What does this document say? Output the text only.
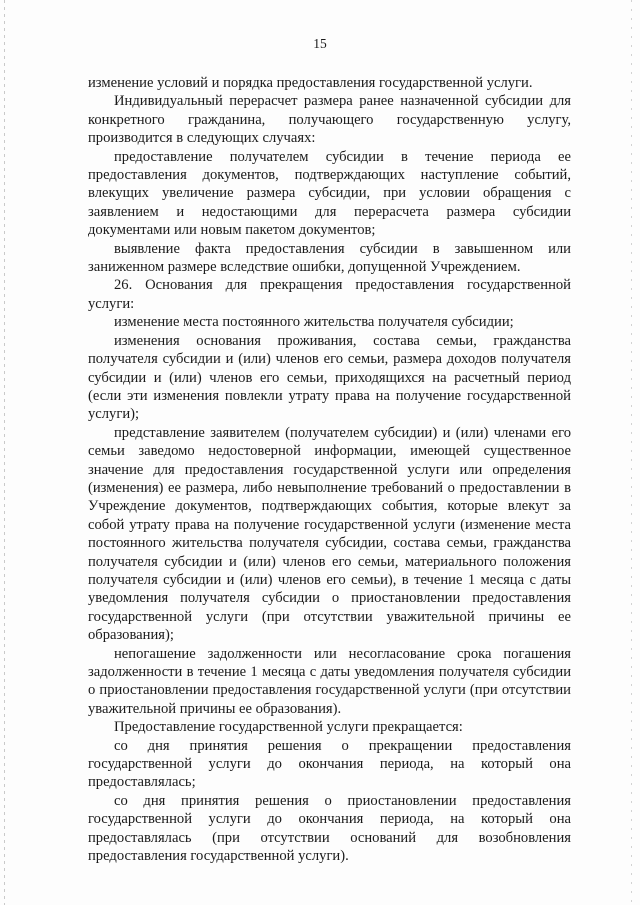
15

изменение условий и порядка предоставления государственной услуги.

Индивидуальный перерасчет размера ранее назначенной субсидии для конкретного гражданина, получающего государственную услугу, производится в следующих случаях:

предоставление получателем субсидии в течение периода ее предоставления документов, подтверждающих наступление событий, влекущих увеличение размера субсидии, при условии обращения с заявлением и недостающими для перерасчета размера субсидии документами или новым пакетом документов;

выявление факта предоставления субсидии в завышенном или заниженном размере вследствие ошибки, допущенной Учреждением.

26. Основания для прекращения предоставления государственной услуги:

изменение места постоянного жительства получателя субсидии;

изменения основания проживания, состава семьи, гражданства получателя субсидии и (или) членов его семьи, размера доходов получателя субсидии и (или) членов его семьи, приходящихся на расчетный период (если эти изменения повлекли утрату права на получение государственной услуги);

представление заявителем (получателем субсидии) и (или) членами его семьи заведомо недостоверной информации, имеющей существенное значение для предоставления государственной услуги или определения (изменения) ее размера, либо невыполнение требований о предоставлении в Учреждение документов, подтверждающих события, которые влекут за собой утрату права на получение государственной услуги (изменение места постоянного жительства получателя субсидии, состава семьи, гражданства получателя субсидии и (или) членов его семьи, материального положения получателя субсидии и (или) членов его семьи), в течение 1 месяца с даты уведомления получателя субсидии о приостановлении предоставления государственной услуги (при отсутствии уважительной причины ее образования);

непогашение задолженности или несогласование срока погашения задолженности в течение 1 месяца с даты уведомления получателя субсидии о приостановлении предоставления государственной услуги (при отсутствии уважительной причины ее образования).

Предоставление государственной услуги прекращается:

со дня принятия решения о прекращении предоставления государственной услуги до окончания периода, на который она предоставлялась;

со дня принятия решения о приостановлении предоставления государственной услуги до окончания периода, на который она предоставлялась (при отсутствии оснований для возобновления предоставления государственной услуги).
